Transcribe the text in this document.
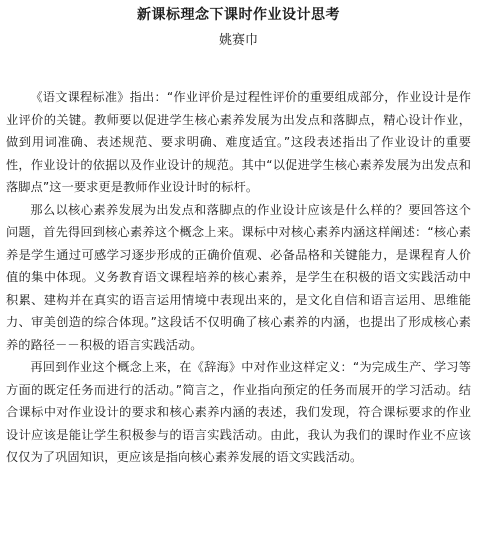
新课标理念下课时作业设计思考
姚赛巾

《语文课程标准》指出：“作业评价是过程性评价的重要组成部分，作业设计是作业评价的关键。教师要以促进学生核心素养发展为出发点和落脚点，精心设计作业，做到用词准确、表述规范、要求明确、难度适宜。”这段表述指出了作业设计的重要性，作业设计的依据以及作业设计的规范。其中“以促进学生核心素养发展为出发点和落脚点”这一要求更是教师作业设计时的标杆。

那么以核心素养发展为出发点和落脚点的作业设计应该是什么样的？要回答这个问题，首先得回到核心素养这个概念上来。课标中对核心素养内涵这样阐述：“核心素养是学生通过可感学习逐步形成的正确价值观、必备品格和关键能力，是课程育人价值的集中体现。义务教育语文课程培养的核心素养，是学生在积极的语文实践活动中积累、建构并在真实的语言运用情境中表现出来的，是文化自信和语言运用、思维能力、审美创造的综合体现。”这段话不仅明确了核心素养的内涵，也提出了形成核心素养的路径－－积极的语言实践活动。

再回到作业这个概念上来，在《辞海》中对作业这样定义：“为完成生产、学习等方面的既定任务而进行的活动。”简言之，作业指向预定的任务而展开的学习活动。结合课标中对作业设计的要求和核心素养内涵的表述，我们发现，符合课标要求的作业设计应该是能让学生积极参与的语言实践活动。由此，我认为我们的课时作业不应该仅仅为了巩固知识，更应该是指向核心素养发展的语文实践活动。
